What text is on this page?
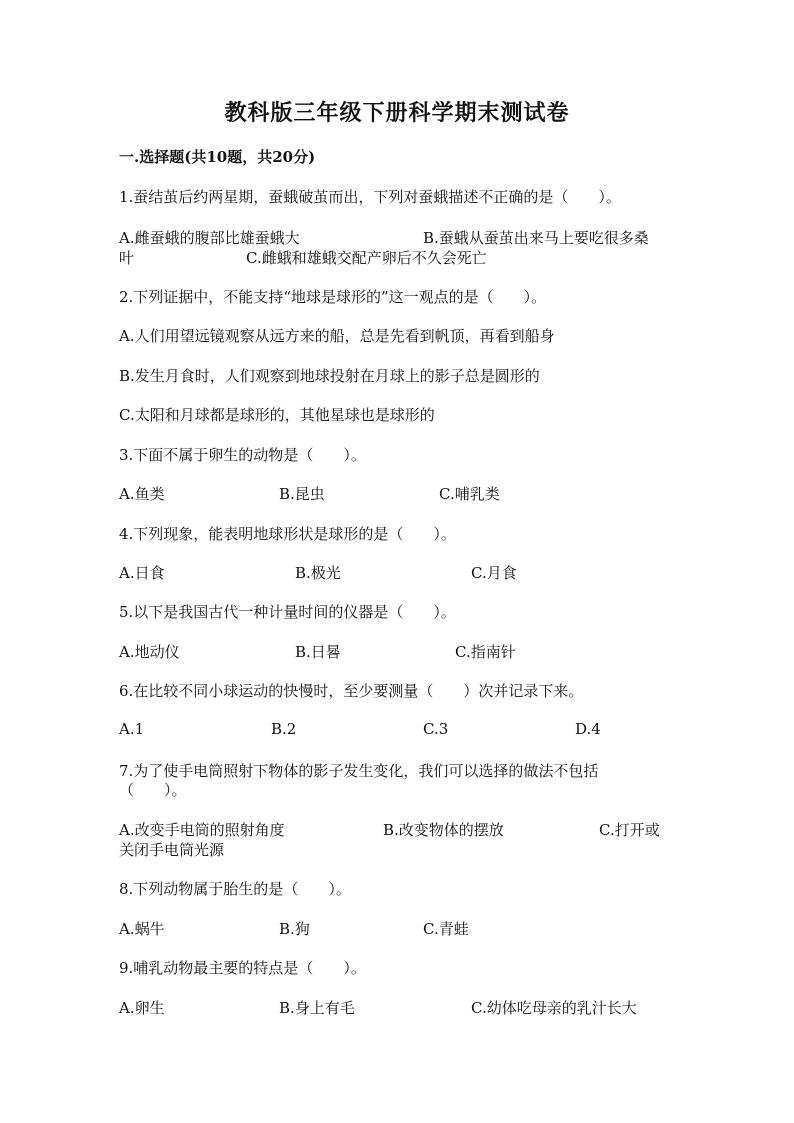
教科版三年级下册科学期末测试卷
一.选择题(共10题，共20分)
1.蚕结茧后约两星期，蚕蛾破茧而出，下列对蚕蛾描述不正确的是（　　）。
A.雌蚕蛾的腹部比雄蚕蛾大	B.蚕蛾从蚕茧出来马上要吃很多桑
叶	C.雌蛾和雄蛾交配产卵后不久会死亡
2.下列证据中，不能支持“地球是球形的”这一观点的是（　　）。
A.人们用望远镜观察从远方来的船，总是先看到帆顶，再看到船身
B.发生月食时，人们观察到地球投射在月球上的影子总是圆形的
C.太阳和月球都是球形的，其他星球也是球形的
3.下面不属于卵生的动物是（　　）。
A.鱼类	B.昆虫	C.哺乳类
4.下列现象，能表明地球形状是球形的是（　　）。
A.日食	B.极光	C.月食
5.以下是我国古代一种计量时间的仪器是（　　）。
A.地动仪	B.日晷	C.指南针
6.在比较不同小球运动的快慢时，至少要测量（　　）次并记录下来。
A.1	B.2	C.3	D.4
7.为了使手电筒照射下物体的影子发生变化，我们可以选择的做法不包括
（　　）。
A.改变手电筒的照射角度	B.改变物体的摆放	C.打开或
关闭手电筒光源
8.下列动物属于胎生的是（　　）。
A.蜗牛	B.狗	C.青蛙
9.哺乳动物最主要的特点是（　　）。
A.卵生	B.身上有毛	C.幼体吃母亲的乳汁长大
